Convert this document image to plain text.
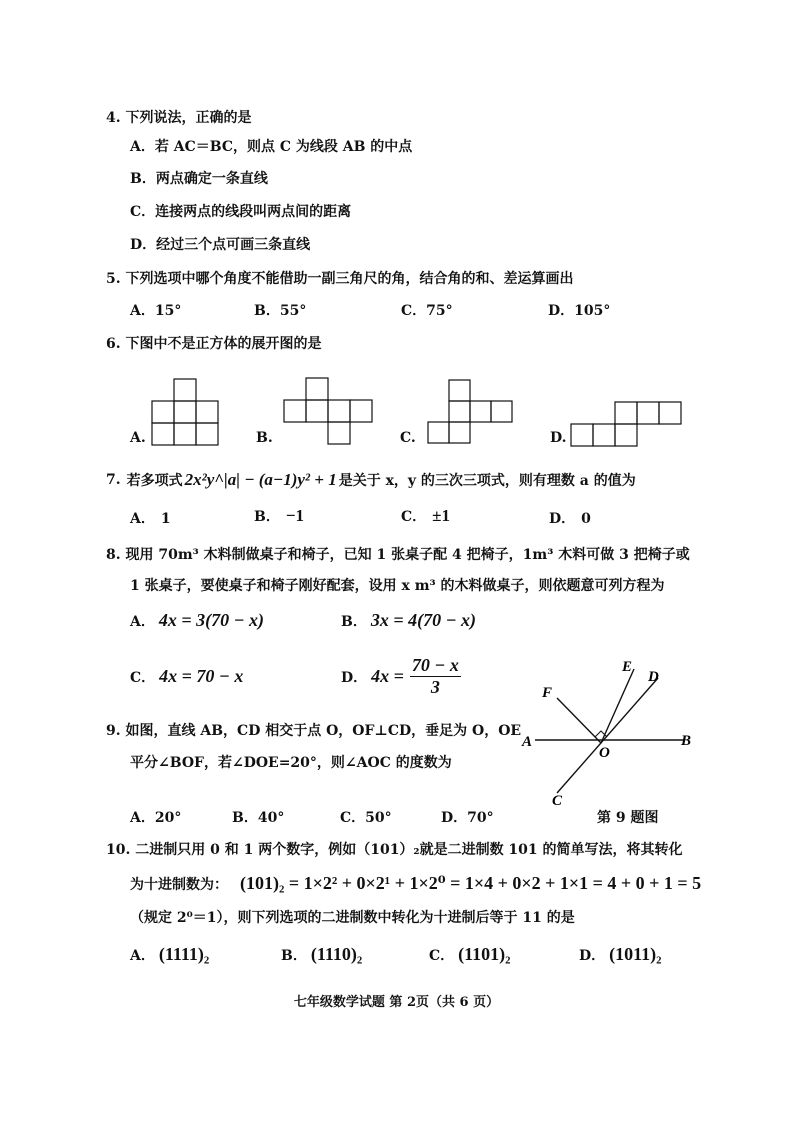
4. 下列说法，正确的是
A．若 AC＝BC，则点 C 为线段 AB 的中点
B．两点确定一条直线
C．连接两点的线段叫两点间的距离
D．经过三个点可画三条直线
5. 下列选项中哪个角度不能借助一副三角尺的角，结合角的和、差运算画出
A．15°	B．55°	C．75°	D．105°
6. 下图中不是正方体的展开图的是
A.	B.	C.	D.
7. 若多项式 2x²y^|a| − (a−1)y² + 1 是关于 x，y 的三次三项式，则有理数 a 的值为
A． 1	B． −1	C． ±1	D． 0
8. 现用 70m³ 木料制做桌子和椅子，已知 1 张桌子配 4 把椅子，1m³ 木料可做 3 把椅子或
1 张桌子，要使桌子和椅子刚好配套，设用 x m³ 的木料做桌子，则依题意可列方程为
A． 4x = 3(70 − x)	B． 3x = 4(70 − x)
C． 4x = 70 − x	D． $4x = \frac{70 - x}{3}$
9. 如图，直线 AB，CD 相交于点 O，OF⊥CD，垂足为 O，OE
平分∠BOF，若∠DOE=20°，则∠AOC 的度数为
A．20°	B．40°	C．50°	D．70°
A	B
C
D
E
F
O
第 9 题图
10. 二进制只用 0 和 1 两个数字，例如（101）₂就是二进制数 101 的简单写法，将其转化
为十进制数为： (101)₂ = 1×2² + 0×2¹ + 1×2⁰ = 1×4 + 0×2 + 1×1 = 4 + 0 + 1 = 5
（规定 2⁰＝1），则下列选项的二进制数中转化为十进制后等于 11 的是
A． (1111)₂	B． (1110)₂	C． (1101)₂	D． (1011)₂
七年级数学试题 第 2页（共 6 页）
